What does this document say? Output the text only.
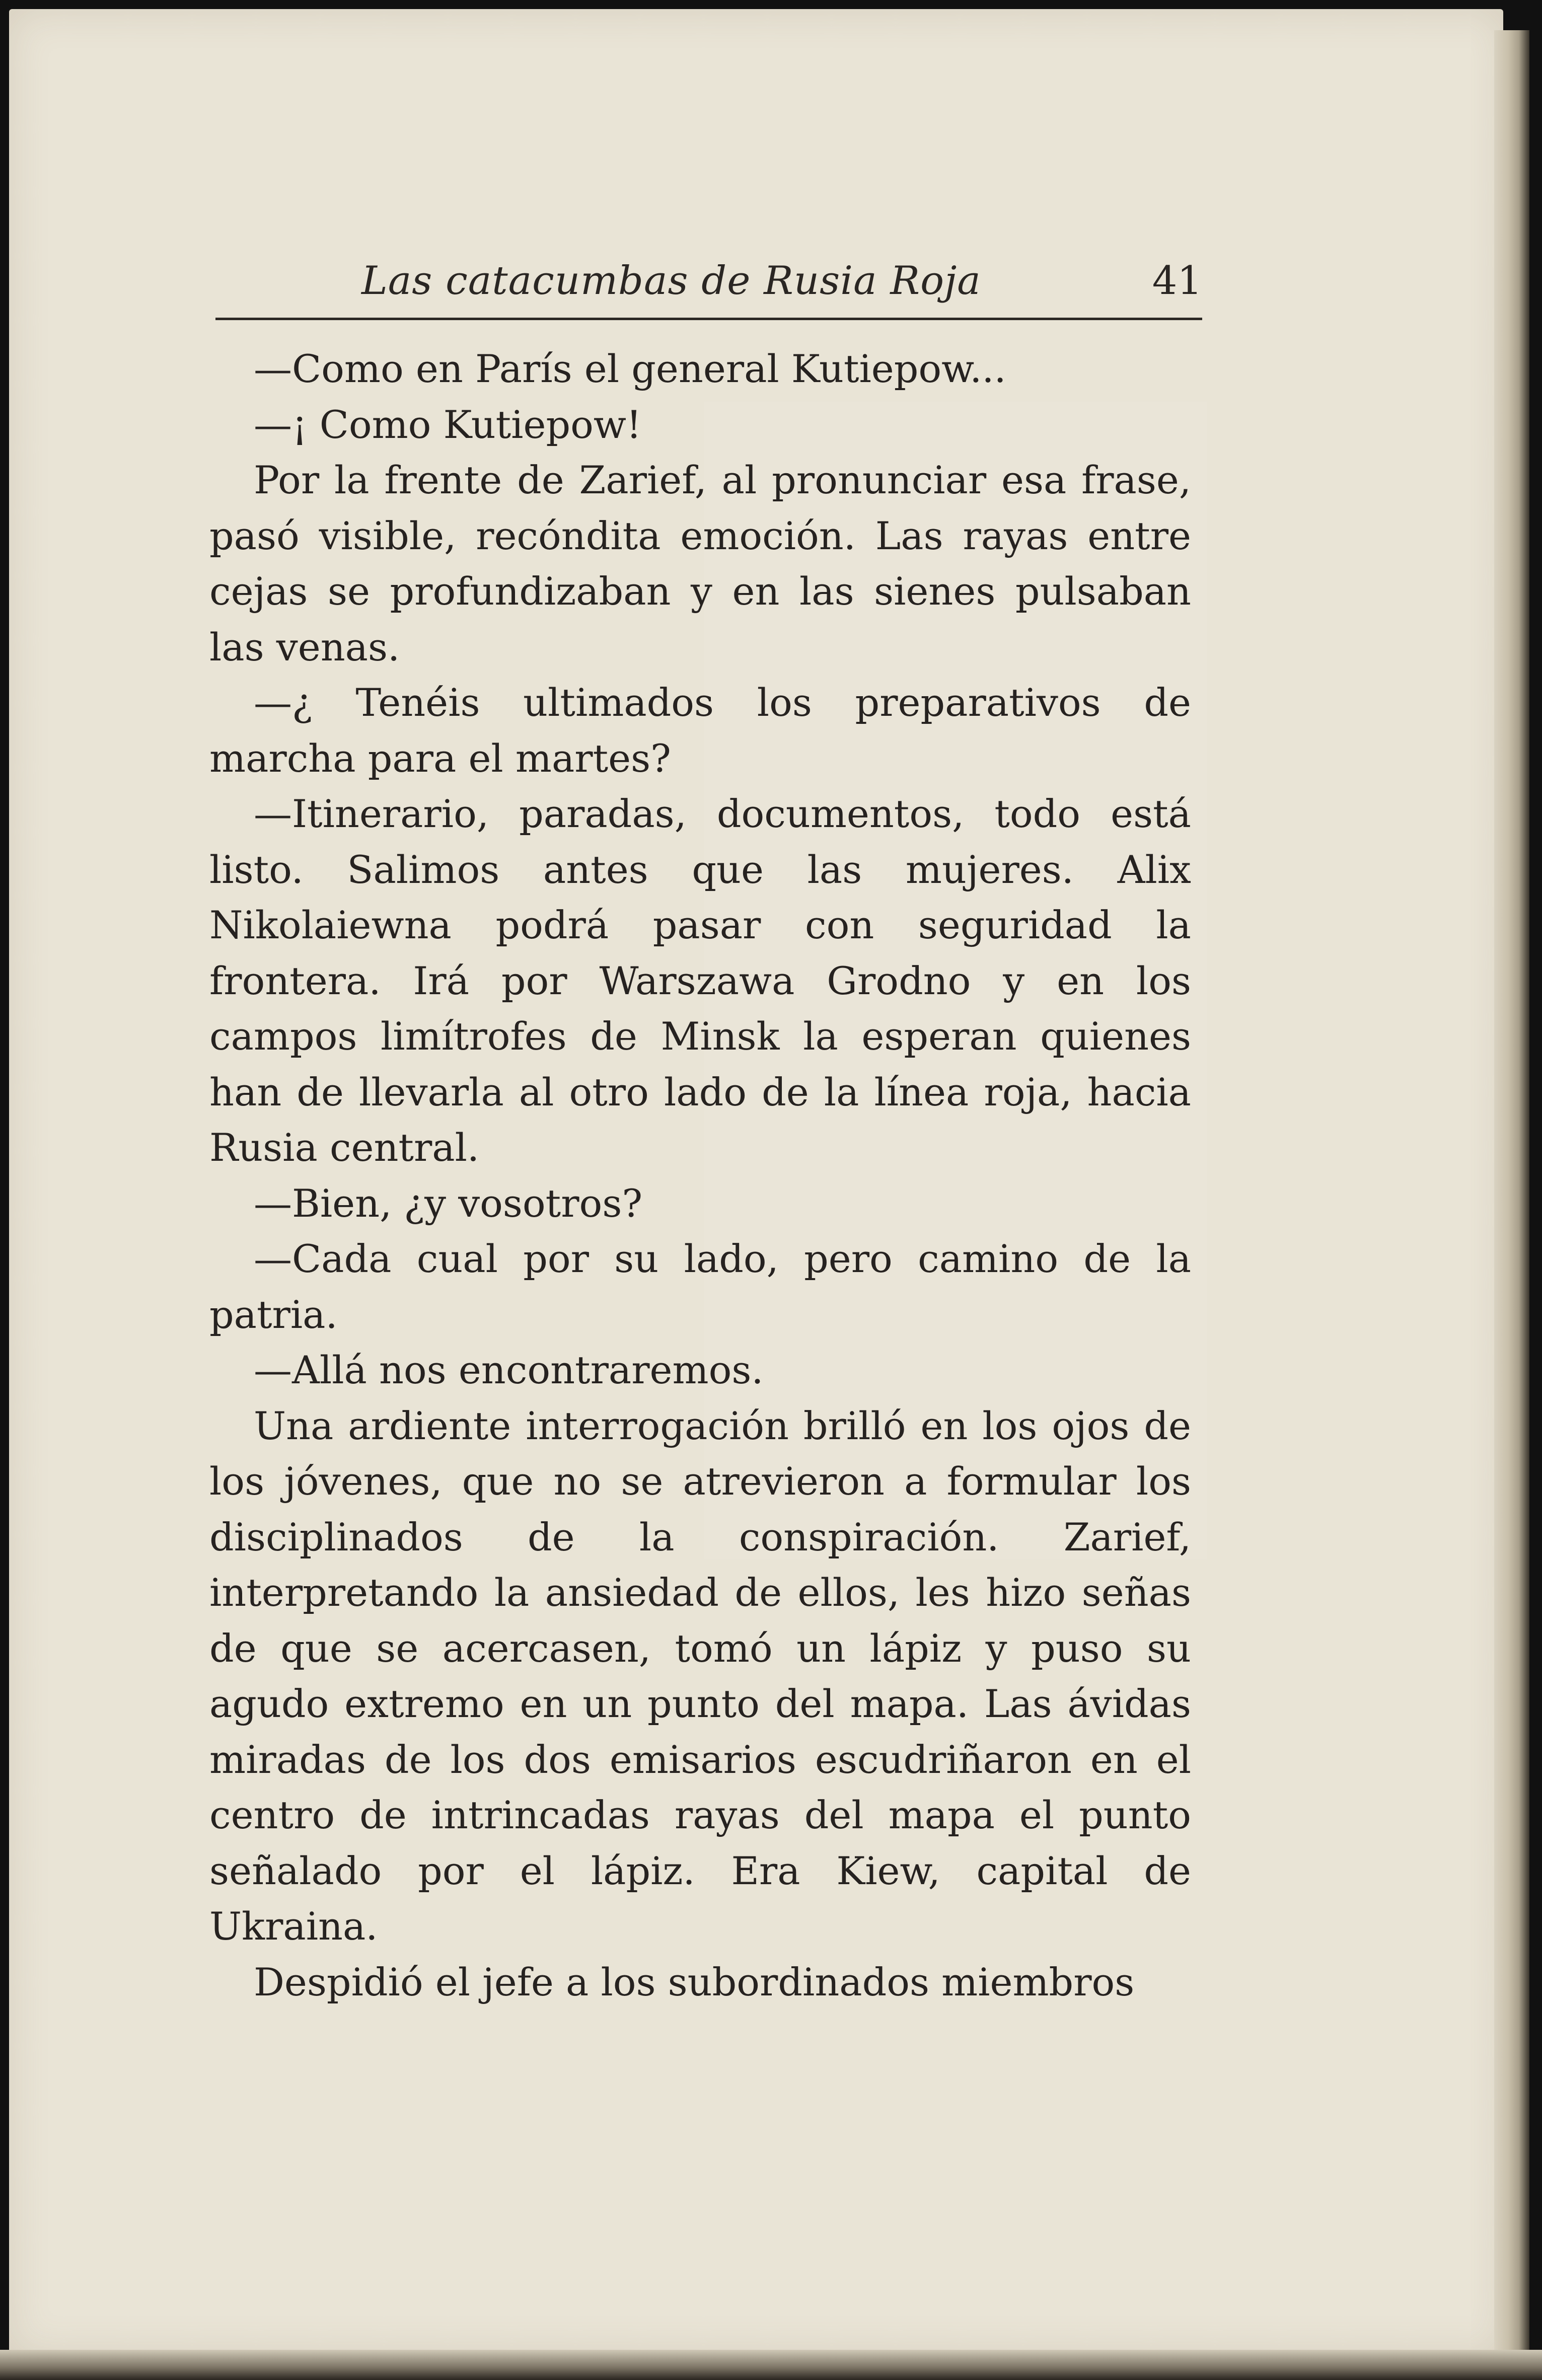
Las catacumbas de Rusia Roja	41

—Como en París el general Kutiepow...

—¡ Como Kutiepow!

Por la frente de Zarief, al pronunciar esa frase, pasó visible, recóndita emoción. Las rayas entre cejas se profundizaban y en las sienes pulsaban las venas.

—¿ Tenéis ultimados los preparativos de marcha para el martes?

—Itinerario, paradas, documentos, todo está listo. Salimos antes que las mujeres. Alix Nikolaiewna podrá pasar con seguridad la frontera. Irá por Warszawa Grodno y en los campos limítrofes de Minsk la esperan quienes han de llevarla al otro lado de la línea roja, hacia Rusia central.

—Bien, ¿y vosotros?

—Cada cual por su lado, pero camino de la patria.

—Allá nos encontraremos.

Una ardiente interrogación brilló en los ojos de los jóvenes, que no se atrevieron a formular los disciplinados de la conspiración. Zarief, interpretando la ansiedad de ellos, les hizo señas de que se acercasen, tomó un lápiz y puso su agudo extremo en un punto del mapa. Las ávidas miradas de los dos emisarios escudriñaron en el centro de intrincadas rayas del mapa el punto señalado por el lápiz. Era Kiew, capital de Ukraina.

Despidió el jefe a los subordinados miembros
